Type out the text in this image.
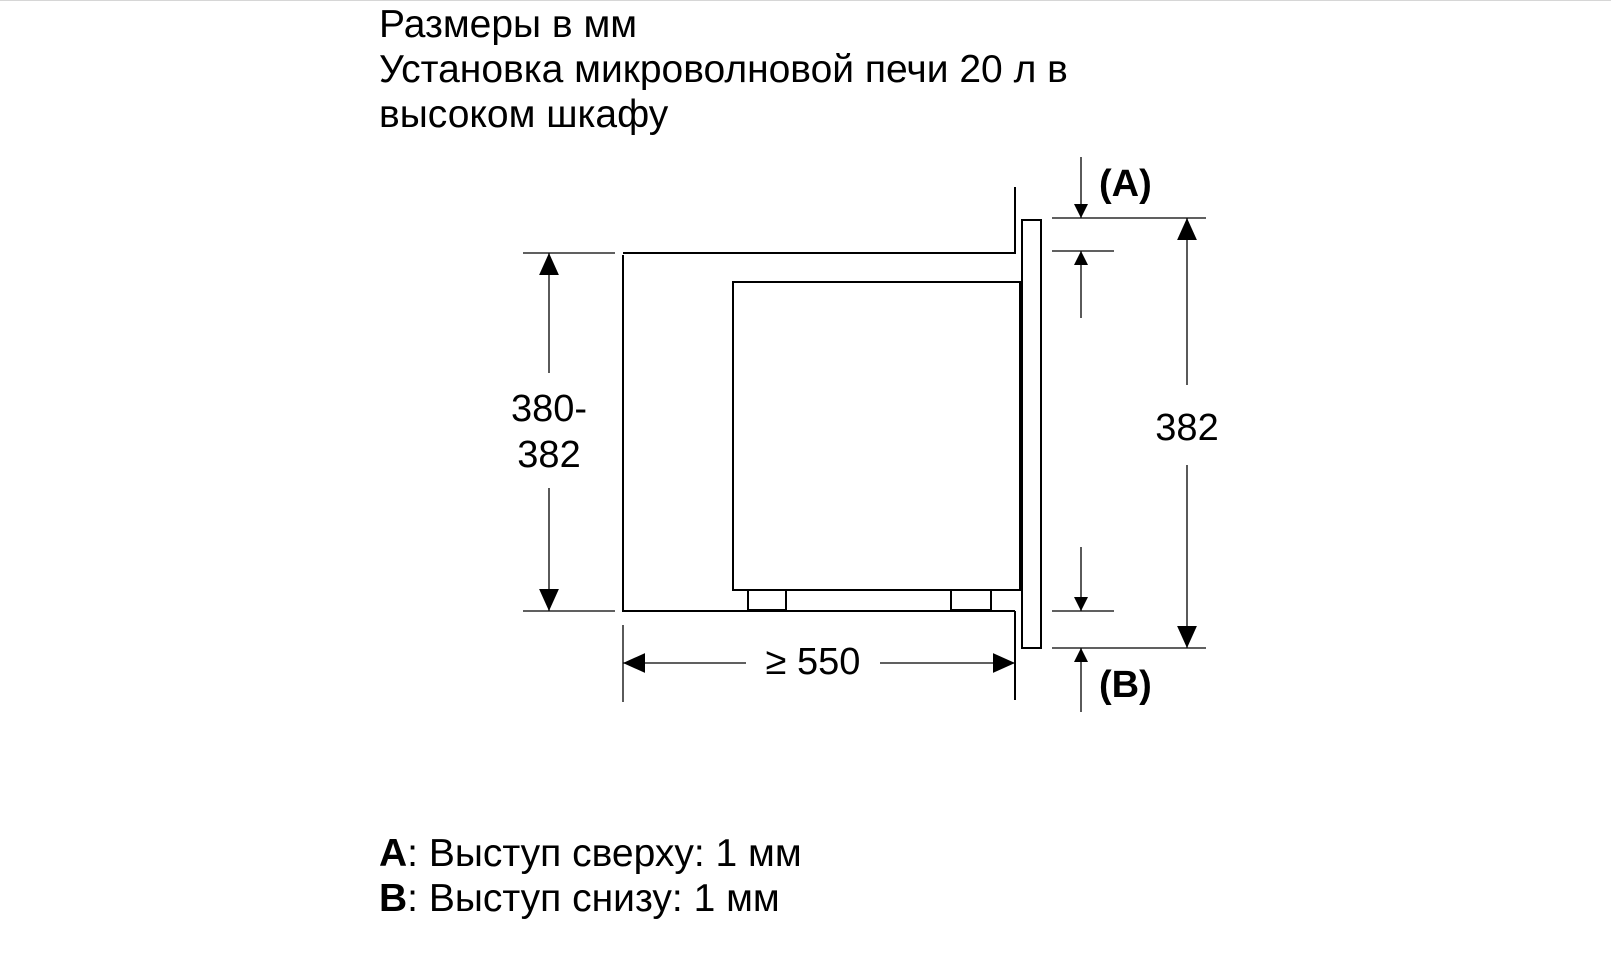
Размеры в мм
Установка микроволновой печи 20 л в
высоком шкафу
380-
382
382
≥ 550
(A)
(B)
A: Выступ сверху: 1 мм
B: Выступ снизу: 1 мм
